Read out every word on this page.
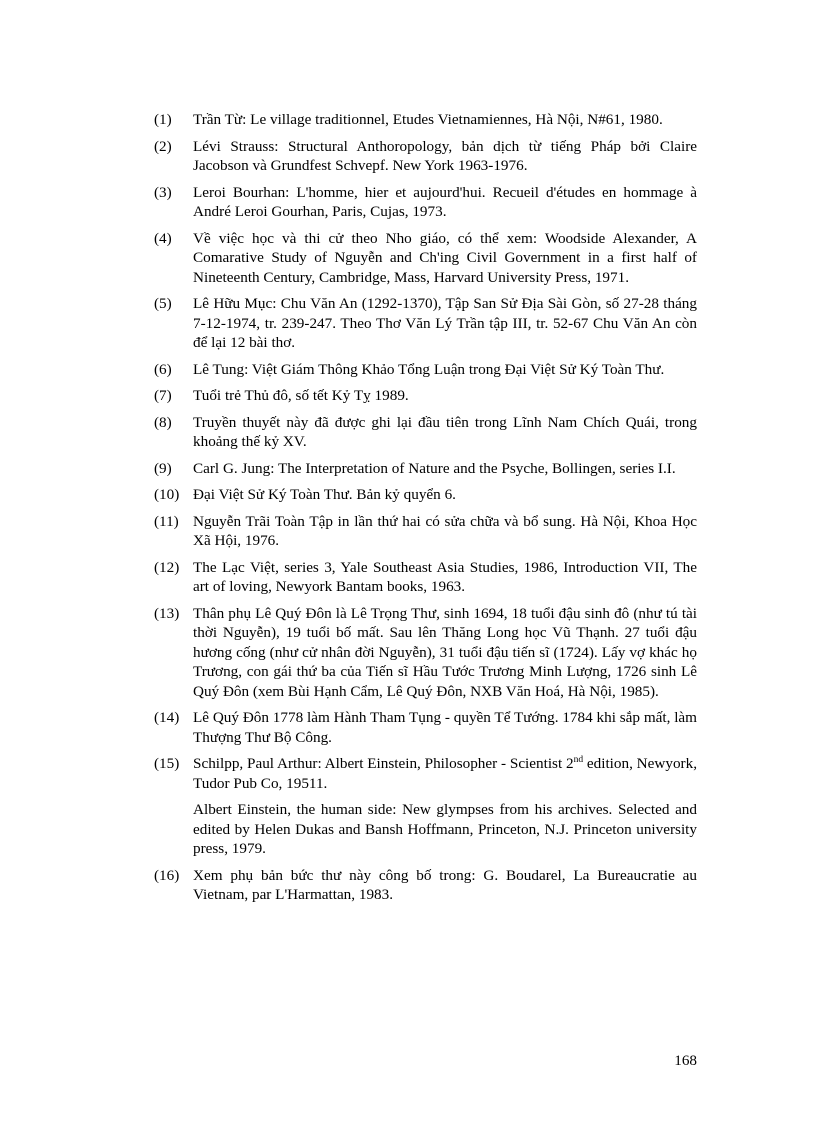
(1)	Trần Từ: Le village traditionnel, Etudes Vietnamiennes, Hà Nội, N#61, 1980.
(2)	Lévi Strauss: Structural Anthoropology, bản dịch từ tiếng Pháp bởi Claire Jacobson và Grundfest Schvepf. New York 1963-1976.
(3)	Leroi Bourhan: L'homme, hier et aujourd'hui. Recueil d'études en hommage à André Leroi Gourhan, Paris, Cujas, 1973.
(4)	Về việc học và thi cử theo Nho giáo, có thể xem: Woodside Alexander, A Comarative Study of Nguyễn and Ch'ing Civil Government in a first half of Nineteenth Century, Cambridge, Mass, Harvard University Press, 1971.
(5)	Lê Hữu Mục: Chu Văn An (1292-1370), Tập San Sử Địa Sài Gòn, số 27-28 tháng 7-12-1974, tr. 239-247. Theo Thơ Văn Lý Trần tập III, tr. 52-67 Chu Văn An còn để lại 12 bài thơ.
(6)	Lê Tung: Việt Giám Thông Khảo Tổng Luận trong Đại Việt Sử Ký Toàn Thư.
(7)	Tuổi trẻ Thủ đô, số tết Kỷ Tỵ 1989.
(8)	Truyền thuyết này đã được ghi lại đầu tiên trong Lĩnh Nam Chích Quái, trong khoảng thế kỷ XV.
(9)	Carl G. Jung: The Interpretation of Nature and the Psyche, Bollingen, series I.I.
(10) Đại Việt Sử Ký Toàn Thư. Bản kỷ quyển 6.
(11) Nguyễn Trãi Toàn Tập in lần thứ hai có sửa chữa và bổ sung. Hà Nội, Khoa Học Xã Hội, 1976.
(12) The Lạc Việt, series 3, Yale Southeast Asia Studies, 1986, Introduction VII, The art of loving, Newyork Bantam books, 1963.
(13) Thân phụ Lê Quý Đôn là Lê Trọng Thư, sinh 1694, 18 tuổi đậu sinh đô (như tú tài thời Nguyễn), 19 tuổi bố mất. Sau lên Thăng Long học Vũ Thạnh. 27 tuổi đậu hương cống (như cử nhân đời Nguyễn), 31 tuổi đậu tiến sĩ (1724). Lấy vợ khác họ Trương, con gái thứ ba của Tiến sĩ Hầu Tước Trương Minh Lượng, 1726 sinh Lê Quý Đôn (xem Bùi Hạnh Cẩm, Lê Quý Đôn, NXB Văn Hoá, Hà Nội, 1985).
(14) Lê Quý Đôn 1778 làm Hành Tham Tụng - quyền Tể Tướng. 1784 khi sắp mất, làm Thượng Thư Bộ Công.
(15) Schilpp, Paul Arthur: Albert Einstein, Philosopher - Scientist 2nd edition, Newyork, Tudor Pub Co, 19511.
Albert Einstein, the human side: New glympses from his archives. Selected and edited by Helen Dukas and Bansh Hoffmann, Princeton, N.J. Princeton university press, 1979.
(16) Xem phụ bản bức thư này công bố trong: G. Boudarel, La Bureaucratie au Vietnam, par L'Harmattan, 1983.
168
